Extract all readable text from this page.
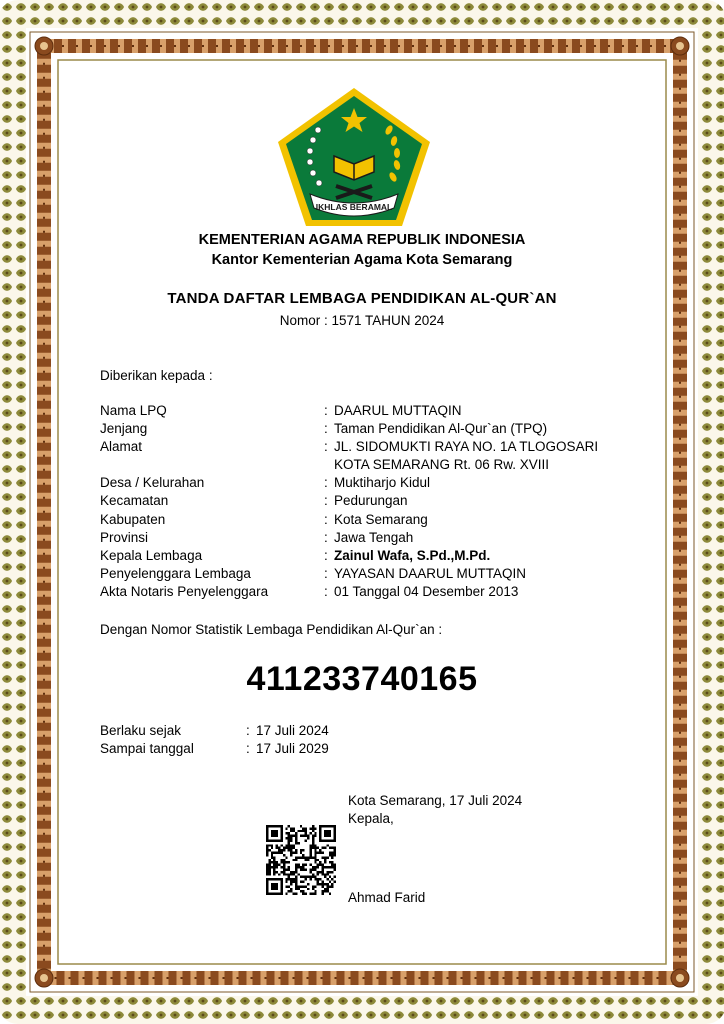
IKHLAS BERAMAL
KEMENTERIAN AGAMA REPUBLIK INDONESIA
Kantor Kementerian Agama Kota Semarang
TANDA DAFTAR LEMBAGA PENDIDIKAN AL-QUR`AN
Nomor : 1571 TAHUN 2024
Diberikan kepada :
Nama LPQ	:	DAARUL MUTTAQIN
Jenjang	:	Taman Pendidikan Al-Qur`an (TPQ)
Alamat	:	JL. SIDOMUKTI RAYA NO. 1A TLOGOSARI
		KOTA SEMARANG Rt. 06 Rw. XVIII
Desa / Kelurahan	:	Muktiharjo Kidul
Kecamatan	:	Pedurungan
Kabupaten	:	Kota Semarang
Provinsi	:	Jawa Tengah
Kepala Lembaga	:	Zainul Wafa, S.Pd.,M.Pd.
Penyelenggara Lembaga	:	YAYASAN DAARUL MUTTAQIN
Akta Notaris Penyelenggara	:	01 Tanggal 04 Desember 2013
Dengan Nomor Statistik Lembaga Pendidikan Al-Qur`an :
411233740165
Berlaku sejak	:	17 Juli 2024
Sampai tanggal	:	17 Juli 2029
Kota Semarang, 17 Juli 2024
Kepala,
Ahmad Farid
